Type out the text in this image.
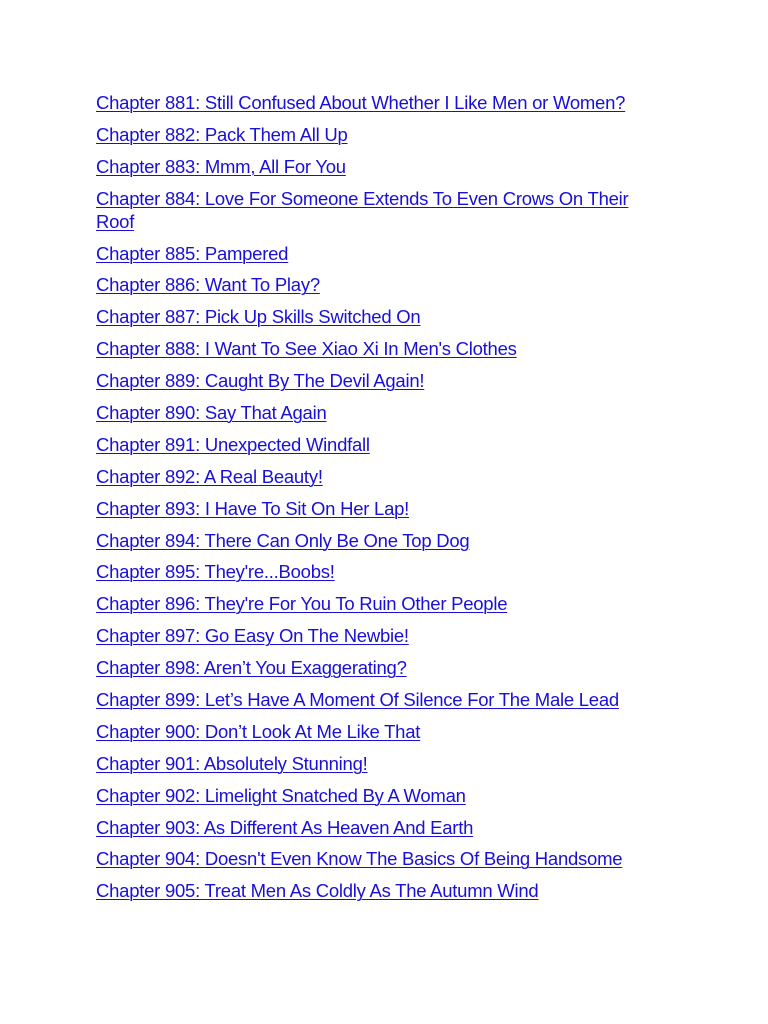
Chapter 881: Still Confused About Whether I Like Men or Women?
Chapter 882: Pack Them All Up
Chapter 883: Mmm, All For You
Chapter 884: Love For Someone Extends To Even Crows On Their Roof
Chapter 885: Pampered
Chapter 886: Want To Play?
Chapter 887: Pick Up Skills Switched On
Chapter 888: I Want To See Xiao Xi In Men's Clothes
Chapter 889: Caught By The Devil Again!
Chapter 890: Say That Again
Chapter 891: Unexpected Windfall
Chapter 892: A Real Beauty!
Chapter 893: I Have To Sit On Her Lap!
Chapter 894: There Can Only Be One Top Dog
Chapter 895: They're...Boobs!
Chapter 896: They're For You To Ruin Other People
Chapter 897: Go Easy On The Newbie!
Chapter 898: Aren’t You Exaggerating?
Chapter 899: Let’s Have A Moment Of Silence For The Male Lead
Chapter 900: Don’t Look At Me Like That
Chapter 901: Absolutely Stunning!
Chapter 902: Limelight Snatched By A Woman
Chapter 903: As Different As Heaven And Earth
Chapter 904: Doesn't Even Know The Basics Of Being Handsome
Chapter 905: Treat Men As Coldly As The Autumn Wind
